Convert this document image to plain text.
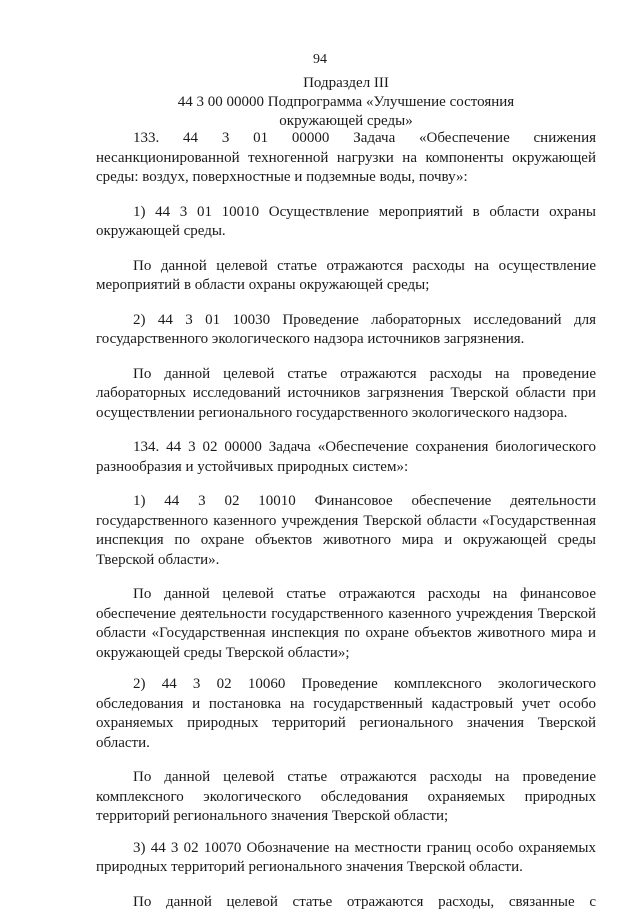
94
Подраздел III
44 3 00 00000 Подпрограмма «Улучшение состояния
окружающей среды»

133. 44 3 01 00000 Задача «Обеспечение снижения несанкционированной техногенной нагрузки на компоненты окружающей среды: воздух, поверхностные и подземные воды, почву»:

1) 44 3 01 10010 Осуществление мероприятий в области охраны окружающей среды.

По данной целевой статье отражаются расходы на осуществление мероприятий в области охраны окружающей среды;

2) 44 3 01 10030 Проведение лабораторных исследований для государственного экологического надзора источников загрязнения.

По данной целевой статье отражаются расходы на проведение лабораторных исследований источников загрязнения Тверской области при осуществлении регионального государственного экологического надзора.

134. 44 3 02 00000 Задача «Обеспечение сохранения биологического разнообразия и устойчивых природных систем»:

1) 44 3 02 10010 Финансовое обеспечение деятельности государственного казенного учреждения Тверской области «Государственная инспекция по охране объектов животного мира и окружающей среды Тверской области».

По данной целевой статье отражаются расходы на финансовое обеспечение деятельности государственного казенного учреждения Тверской области «Государственная инспекция по охране объектов животного мира и окружающей среды Тверской области»;

2) 44 3 02 10060 Проведение комплексного экологического обследования и постановка на государственный кадастровый учет особо охраняемых природных территорий регионального значения Тверской области.

По данной целевой статье отражаются расходы на проведение комплексного экологического обследования охраняемых природных территорий регионального значения Тверской области;

3) 44 3 02 10070 Обозначение на местности границ особо охраняемых природных территорий регионального значения Тверской области.

По данной целевой статье отражаются расходы, связанные с
